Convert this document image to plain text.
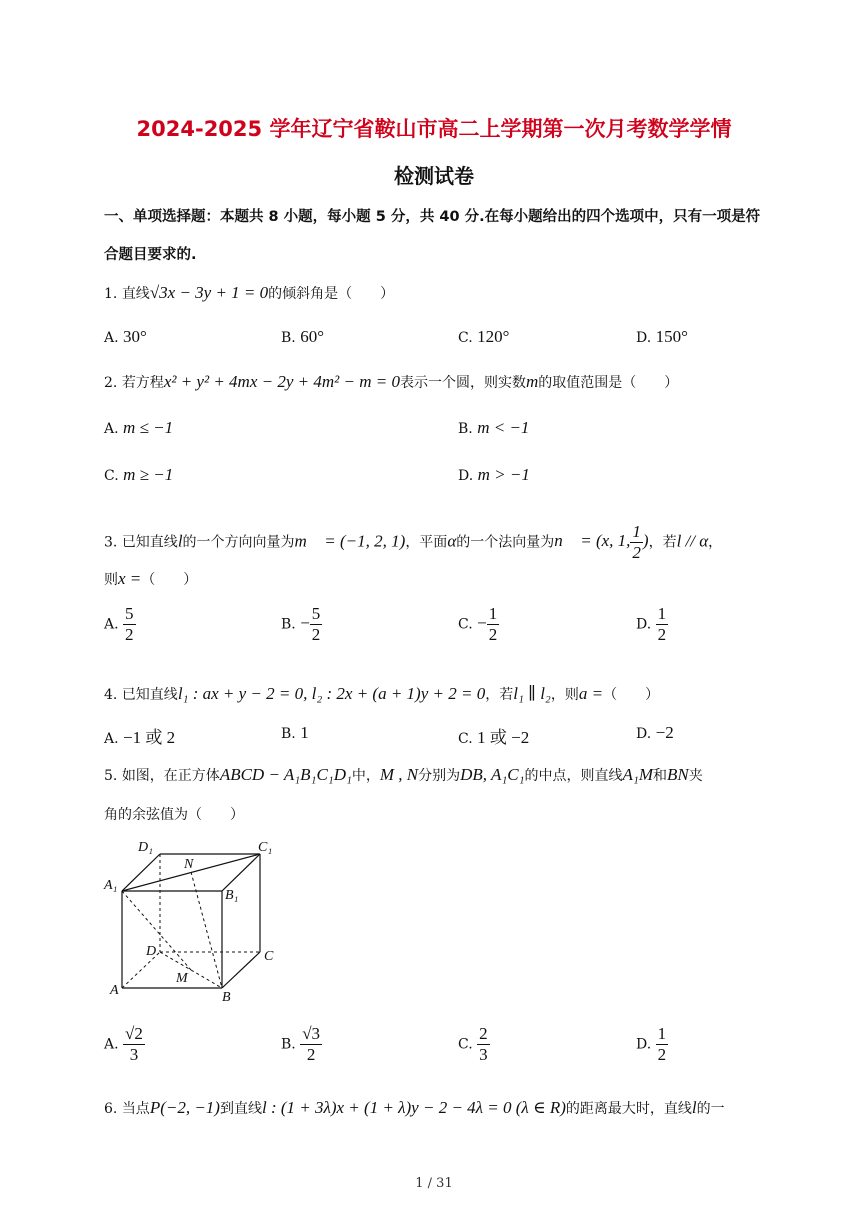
2024-2025 学年辽宁省鞍山市高二上学期第一次月考数学学情
检测试卷
一、单项选择题：本题共 8 小题，每小题 5 分，共 40 分.在每小题给出的四个选项中，只有一项是符
合题目要求的.
1. 直线√3x − 3y + 1 = 0的倾斜角是（　　）
A. 30°	B. 60°	C. 120°	D. 150°
2. 若方程x² + y² + 4mx − 2y + 4m² − m = 0表示一个圆，则实数m的取值范围是（　　）
A. m ≤ −1	B. m < −1
C. m ≥ −1	D. m > −1
3. 已知直线l的一个方向向量为m⃗ = (−1, 2, 1)，平面α的一个法向量为n⃗ = (x, 1, $\frac{1}{2}$ )，若l // α，
则x =（　　）
A. $\frac{5}{2}$	B. − $\frac{5}{2}$	C. − $\frac{1}{2}$	D. $\frac{1}{2}$
4. 已知直线l₁ : ax + y − 2 = 0, l₂ : 2x + (a + 1)y + 2 = 0，若l₁ ∥ l₂，则a =（　　）
A. −1 或 2	B. 1	C. 1 或 −2	D. −2
5. 如图，在正方体ABCD − A₁B₁C₁D₁中，M , N分别为DB, A₁C₁的中点，则直线A₁M和BN夹
角的余弦值为（　　）
D₁
N
C₁
A₁
B₁
D	C
M
A	B
A. $\frac{√2}{3}$	B. $\frac{√3}{2}$	C. $\frac{2}{3}$	D. $\frac{1}{2}$
6. 当点P(−2, −1)到直线l : (1 + 3λ)x + (1 + λ)y − 2 − 4λ = 0 (λ ∈ R)的距离最大时，直线l的一
1 / 31
